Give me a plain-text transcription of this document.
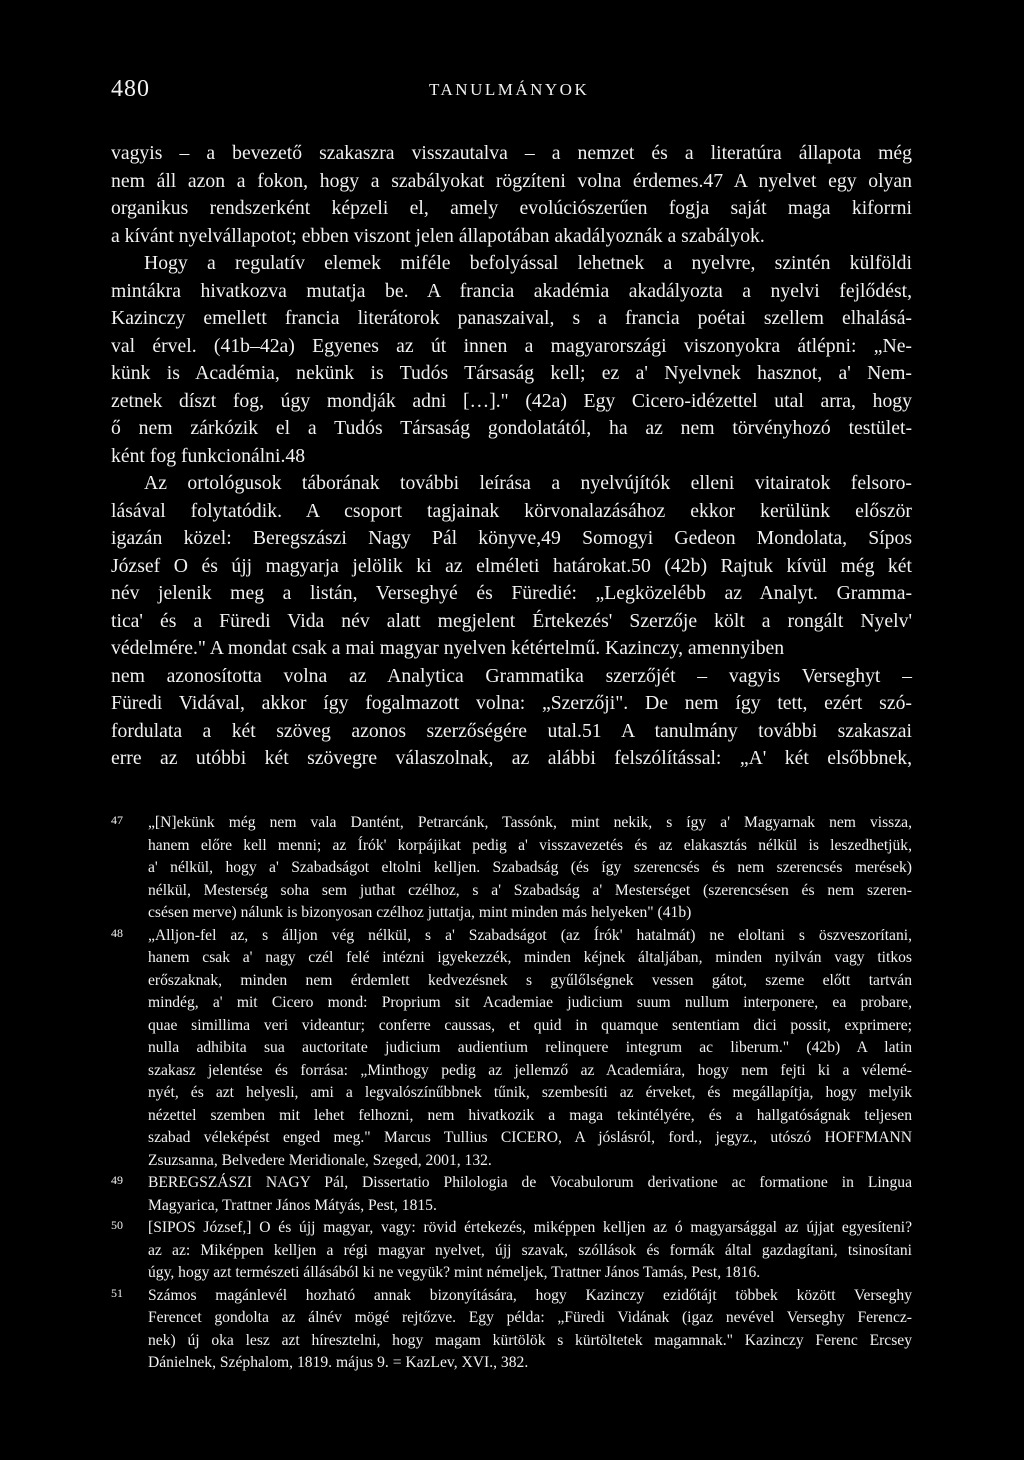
480	TANULMÁNYOK
vagyis – a bevezető szakaszra visszautalva – a nemzet és a literatúra állapota még
nem áll azon a fokon, hogy a szabályokat rögzíteni volna érdemes.47 A nyelvet egy olyan
organikus rendszerként képzeli el, amely evolúciószerűen fogja saját maga kiforrni
a kívánt nyelvállapotot; ebben viszont jelen állapotában akadályoznák a szabályok.
Hogy a regulatív elemek miféle befolyással lehetnek a nyelvre, szintén külföldi
mintákra hivatkozva mutatja be. A francia akadémia akadályozta a nyelvi fejlődést,
Kazinczy emellett francia literátorok panaszaival, s a francia poétai szellem elhalásá-
val érvel. (41b–42a) Egyenes az út innen a magyarországi viszonyokra átlépni: „Ne-
künk is Académia, nekünk is Tudós Társaság kell; ez a' Nyelvnek hasznot, a' Nem-
zetnek díszt fog, úgy mondják adni […]." (42a) Egy Cicero-idézettel utal arra, hogy
ő nem zárkózik el a Tudós Társaság gondolatától, ha az nem törvényhozó testület-
ként fog funkcionálni.48
Az ortológusok táborának további leírása a nyelvújítók elleni vitairatok felsoro-
lásával folytatódik. A csoport tagjainak körvonalazásához ekkor kerülünk először
igazán közel: Beregszászi Nagy Pál könyve,49 Somogyi Gedeon Mondolata, Sípos
József O és újj magyarja jelölik ki az elméleti határokat.50 (42b) Rajtuk kívül még két
név jelenik meg a listán, Verseghyé és Füredié: „Legközelébb az Analyt. Gramma-
tica' és a Füredi Vida név alatt megjelent Értekezés' Szerzője költ a rongált Nyelv'
védelmére." A mondat csak a mai magyar nyelven kétértelmű. Kazinczy, amennyiben
nem azonosította volna az Analytica Grammatika szerzőjét – vagyis Verseghyt –
Füredi Vidával, akkor így fogalmazott volna: „Szerzőji". De nem így tett, ezért szó-
fordulata a két szöveg azonos szerzőségére utal.51 A tanulmány további szakaszai
erre az utóbbi két szövegre válaszolnak, az alábbi felszólítással: „A' két elsőbbnek,
47 „[N]ekünk még nem vala Dantént, Petrarcánk, Tassónk, mint nekik, s így a' Magyarnak nem vissza,
hanem előre kell menni; az Írók' korpájikat pedig a' visszavezetés és az elakasztás nélkül is leszedhetjük,
a' nélkül, hogy a' Szabadságot eltolni kelljen. Szabadság (és így szerencsés és nem szerencsés merések)
nélkül, Mesterség soha sem juthat czélhoz, s a' Szabadság a' Mesterséget (szerencsésen és nem szeren-
csésen merve) nálunk is bizonyosan czélhoz juttatja, mint minden más helyeken" (41b)
48 „Alljon-fel az, s álljon vég nélkül, s a' Szabadságot (az Írók' hatalmát) ne eloltani s öszveszorítani,
hanem csak a' nagy czél felé intézni igyekezzék, minden kéjnek általjában, minden nyilván vagy titkos
erőszaknak, minden nem érdemlett kedvezésnek s gyűlőlségnek vessen gátot, szeme előtt tartván
mindég, a' mit Cicero mond: Proprium sit Academiae judicium suum nullum interponere, ea probare,
quae simillima veri videantur; conferre caussas, et quid in quamque sententiam dici possit, exprimere;
nulla adhibita sua auctoritate judicium audientium relinquere integrum ac liberum." (42b) A latin
szakasz jelentése és forrása: „Minthogy pedig az jellemző az Academiára, hogy nem fejti ki a vélemé-
nyét, és azt helyesli, ami a legvalószínűbbnek tűnik, szembesíti az érveket, és megállapítja, hogy melyik
nézettel szemben mit lehet felhozni, nem hivatkozik a maga tekintélyére, és a hallgatóságnak teljesen
szabad véleképést enged meg." Marcus Tullius CICERO, A jóslásról, ford., jegyz., utószó HOFFMANN
Zsuzsanna, Belvedere Meridionale, Szeged, 2001, 132.
49 BEREGSZÁSZI NAGY Pál, Dissertatio Philologia de Vocabulorum derivatione ac formatione in Lingua
Magyarica, Trattner János Mátyás, Pest, 1815.
50 [SIPOS József,] O és újj magyar, vagy: rövid értekezés, miképpen kelljen az ó magyarsággal az újjat egyesíteni?
az az: Miképpen kelljen a régi magyar nyelvet, újj szavak, szóllások és formák által gazdagítani, tsinosítani
úgy, hogy azt természeti állásából ki ne vegyük? mint némeljek, Trattner János Tamás, Pest, 1816.
51 Számos magánlevél hozható annak bizonyítására, hogy Kazinczy ezidőtájt többek között Verseghy
Ferencet gondolta az álnév mögé rejtőzve. Egy példa: „Füredi Vidának (igaz nevével Verseghy Ferencz-
nek) új oka lesz azt híresztelni, hogy magam kürtölök s kürtöltetek magamnak." Kazinczy Ferenc Ercsey
Dánielnek, Széphalom, 1819. május 9. = KazLev, XVI., 382.
